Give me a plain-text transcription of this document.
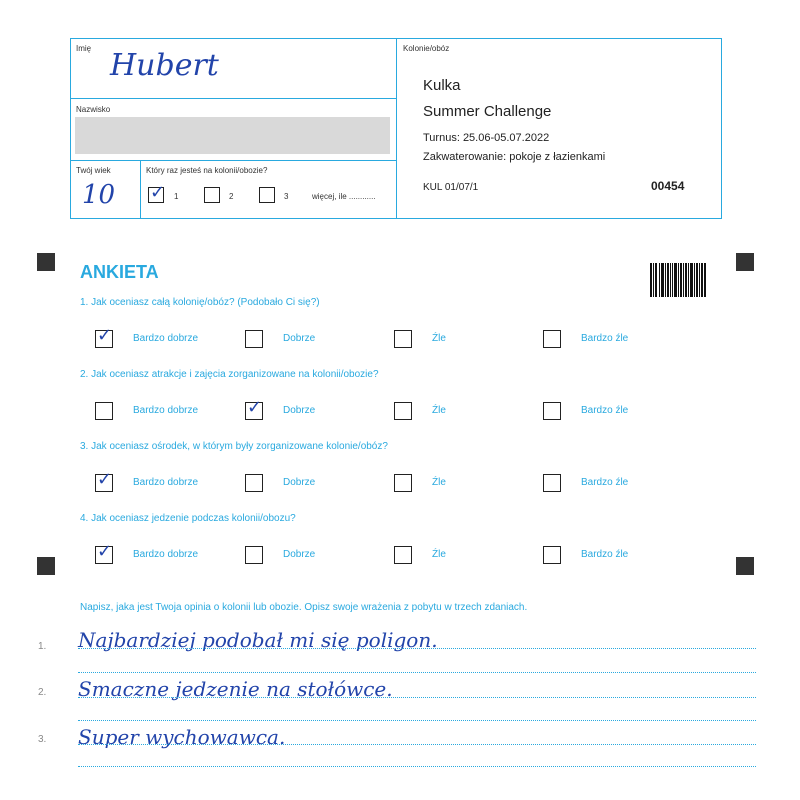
Imię Hubert
Nazwisko
Twój wiek
10
Który raz jesteś na kolonii/obozie?
✓ 1	2	3	więcej, ile ............
Kolonie/obóz
Kulka
Summer Challenge
Turnus: 25.06-05.07.2022
Zakwaterowanie: pokoje z łazienkami
KUL 01/07/1	00454
ANKIETA
1. Jak oceniasz całą kolonię/obóz? (Podobało Ci się?)
✓ Bardzo dobrze	Dobrze	Źle	Bardzo źle
2. Jak oceniasz atrakcje i zajęcia zorganizowane na kolonii/obozie?
Bardzo dobrze	✓ Dobrze	Źle	Bardzo źle
3. Jak oceniasz ośrodek, w którym były zorganizowane kolonie/obóz?
✓ Bardzo dobrze	Dobrze	Źle	Bardzo źle
4. Jak oceniasz jedzenie podczas kolonii/obozu?
✓ Bardzo dobrze	Dobrze	Źle	Bardzo źle
Napisz, jaka jest Twoja opinia o kolonii lub obozie. Opisz swoje wrażenia z pobytu w trzech zdaniach.
1. Najbardziej podobał mi się poligon.
2. Smaczne jedzenie na stołówce.
3. Super wychowawca.
